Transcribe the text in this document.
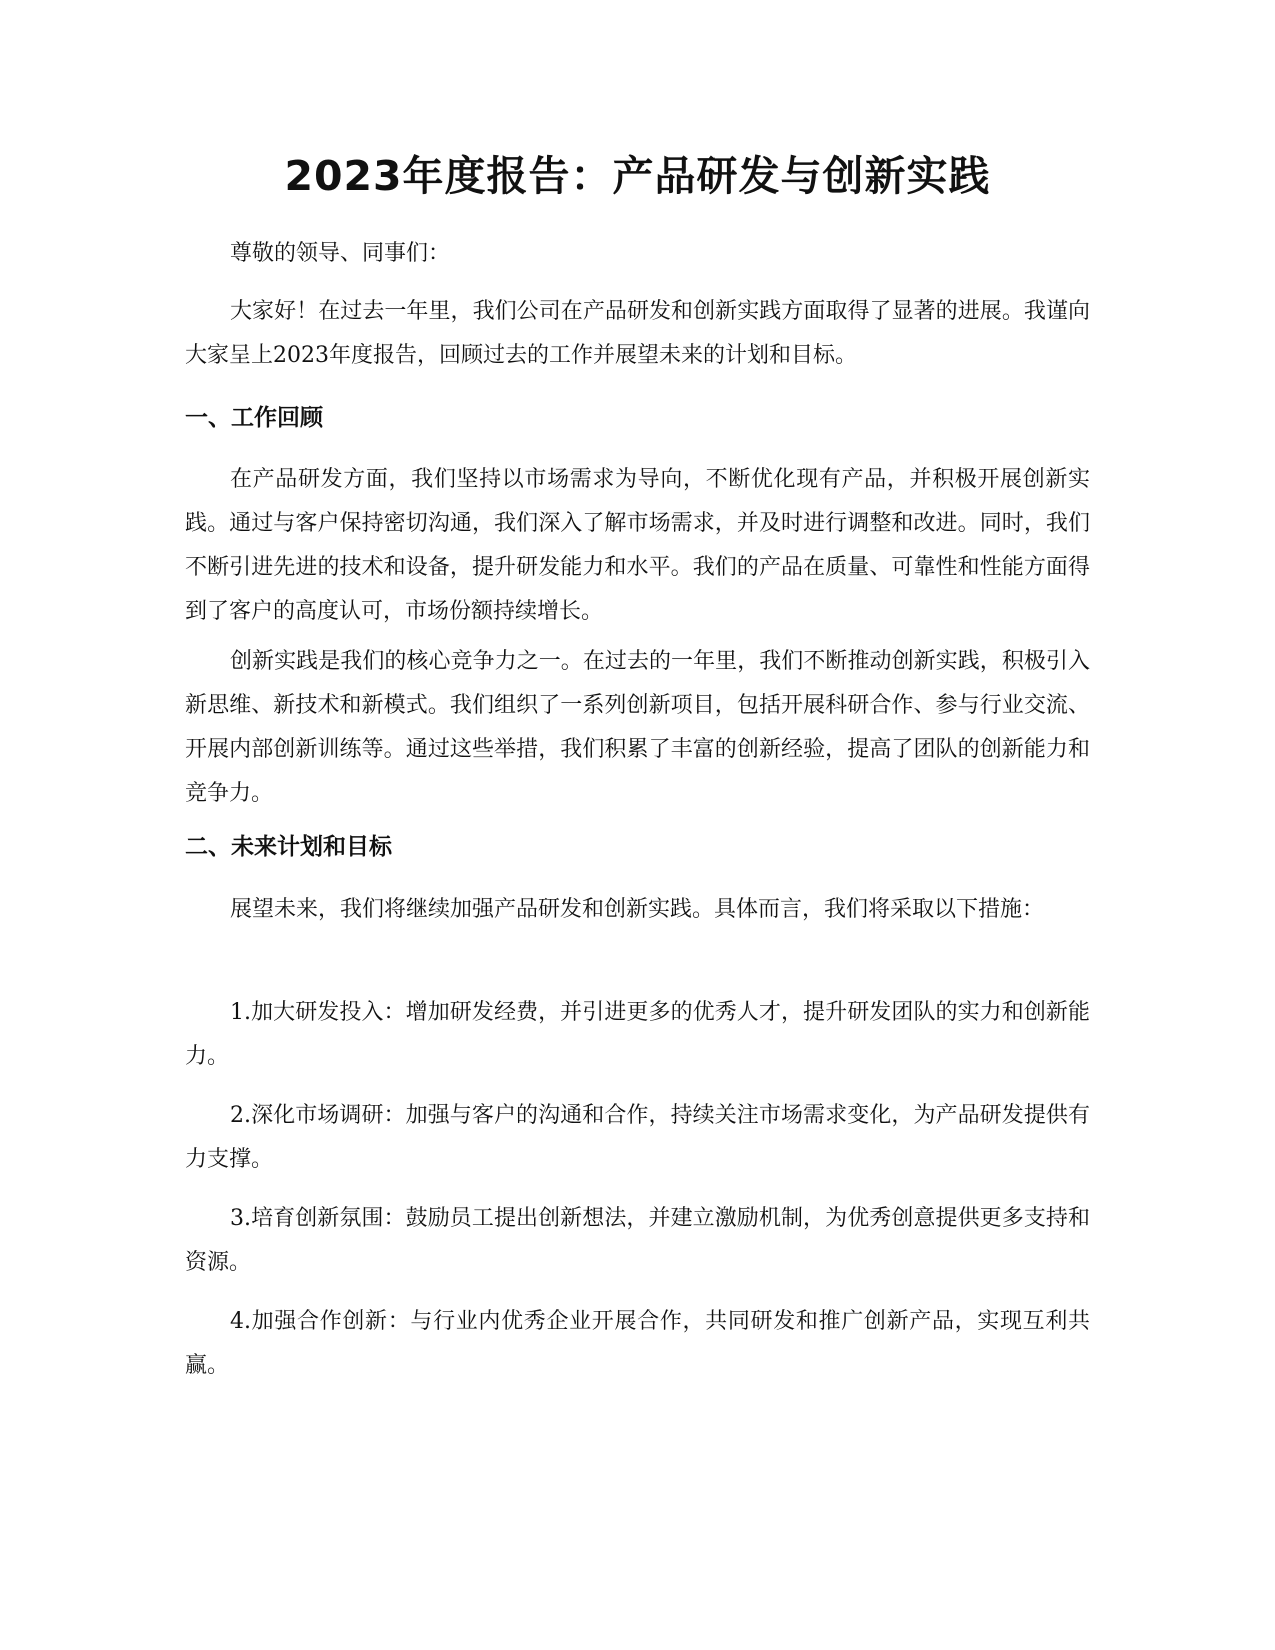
2023年度报告：产品研发与创新实践

尊敬的领导、同事们：

大家好！在过去一年里，我们公司在产品研发和创新实践方面取得了显著的进展。我谨向大家呈上2023年度报告，回顾过去的工作并展望未来的计划和目标。

一、工作回顾

在产品研发方面，我们坚持以市场需求为导向，不断优化现有产品，并积极开展创新实践。通过与客户保持密切沟通，我们深入了解市场需求，并及时进行调整和改进。同时，我们不断引进先进的技术和设备，提升研发能力和水平。我们的产品在质量、可靠性和性能方面得到了客户的高度认可，市场份额持续增长。

创新实践是我们的核心竞争力之一。在过去的一年里，我们不断推动创新实践，积极引入新思维、新技术和新模式。我们组织了一系列创新项目，包括开展科研合作、参与行业交流、开展内部创新训练等。通过这些举措，我们积累了丰富的创新经验，提高了团队的创新能力和竞争力。

二、未来计划和目标

展望未来，我们将继续加强产品研发和创新实践。具体而言，我们将采取以下措施：

1.加大研发投入：增加研发经费，并引进更多的优秀人才，提升研发团队的实力和创新能力。

2.深化市场调研：加强与客户的沟通和合作，持续关注市场需求变化，为产品研发提供有力支撑。

3.培育创新氛围：鼓励员工提出创新想法，并建立激励机制，为优秀创意提供更多支持和资源。

4.加强合作创新：与行业内优秀企业开展合作，共同研发和推广创新产品，实现互利共赢。
